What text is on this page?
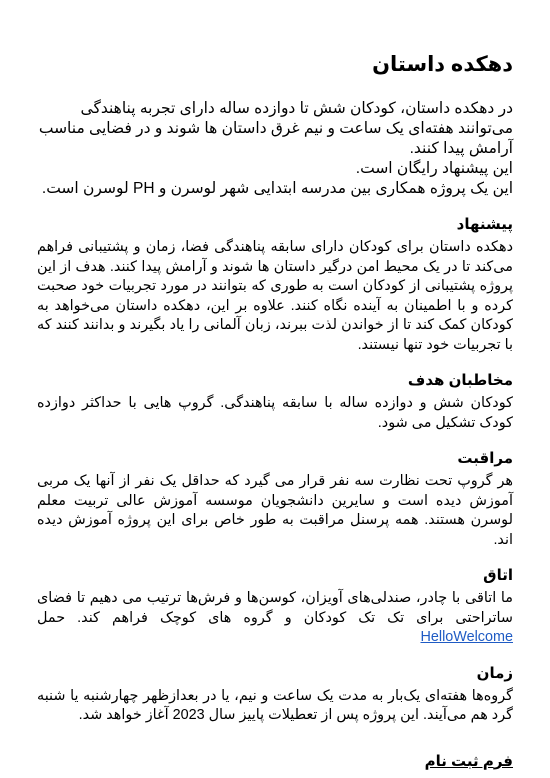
دهکده داستان

در دهکده داستان، کودکان شش تا دوازده ساله دارای تجربه پناهندگی می‌توانند هفته‌ای یک ساعت و نیم غرق داستان ها شوند و در فضایی مناسب آرامش پیدا کنند.

این پیشنهاد رایگان است.

این یک پروژه همکاری بین مدرسه ابتدایی شهر لوسرن و PH لوسرن است.

پیشنهاد

دهکده داستان برای کودکان دارای سابقه پناهندگی فضا، زمان و پشتیبانی فراهم می‌کند تا در یک محیط امن درگیر داستان ها شوند و آرامش پیدا کنند. هدف از این پروژه پشتیبانی از کودکان است به طوری که بتوانند در مورد تجربیات خود صحبت کرده و با اطمینان به آینده نگاه کنند. علاوه بر این، دهکده داستان می‌خواهد به کودکان کمک کند تا از خواندن لذت ببرند، زبان آلمانی را یاد بگیرند و بدانند کنند که با تجربیات خود تنها نیستند.

مخاطبان هدف

کودکان شش و دوازده ساله با سابقه پناهندگی. گروپ هایی با حداکثر دوازده کودک تشکیل می شود.

مراقبت

هر گروپ تحت نظارت سه نفر قرار می گیرد که حداقل یک نفر از آنها یک مربی آموزش دیده است و سایرین دانشجویان موسسه آموزش عالی تربیت معلم لوسرن هستند. همه پرسنل مراقبت به طور خاص برای این پروژه آموزش دیده اند.

اتاق

ما اتاقی با چادر، صندلی‌های آویزان، کوسن‌ها و فرش‌ها ترتیب می دهیم تا فضای ساتراحتی برای تک تک کودکان و گروه های کوچک فراهم کند. حمل HelloWelcome

زمان

گروه‌ها هفته‌ای یک‌بار به مدت یک ساعت و نیم، یا در بعدازظهر چهارشنبه یا شنبه گرد هم می‌آیند. این پروژه پس از تعطیلات پاییز سال 2023 آغاز خواهد شد.

فرم ثبت نام
